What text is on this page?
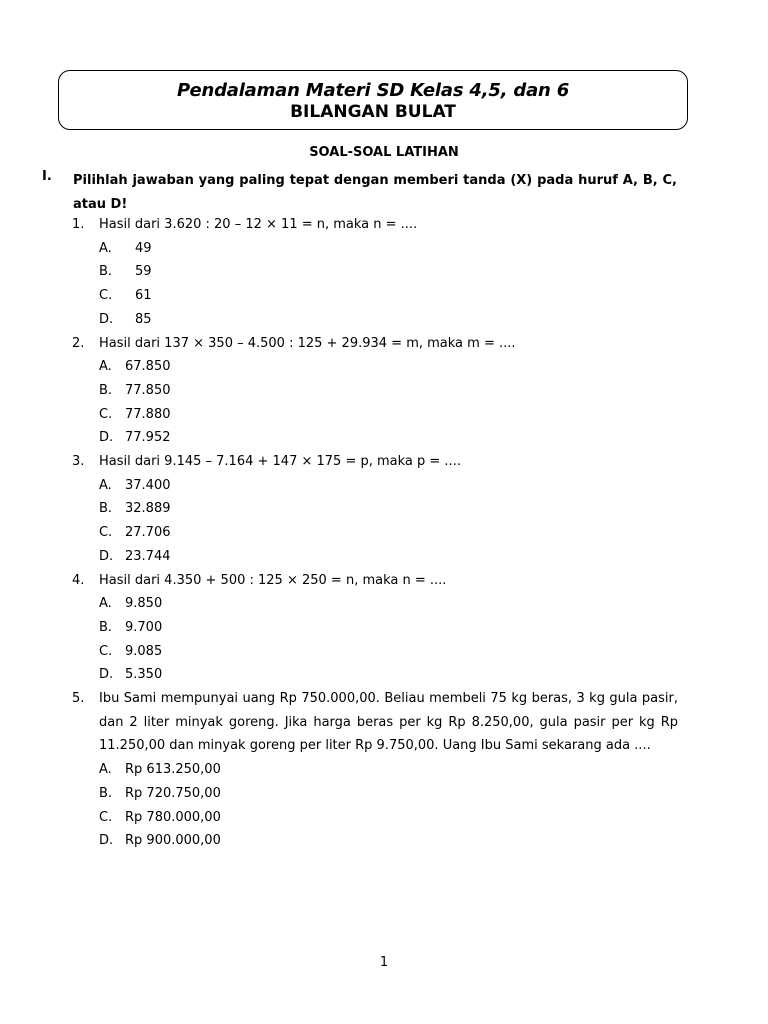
Pendalaman Materi SD Kelas 4,5, dan 6
BILANGAN BULAT
SOAL-SOAL LATIHAN
I. Pilihlah jawaban yang paling tepat dengan memberi tanda (X) pada huruf A, B, C, atau D!
1.	Hasil dari 3.620 : 20 – 12 × 11 = n, maka n = ....
A.	49
B.	59
C.	61
D.	85
2.	Hasil dari 137 × 350 – 4.500 : 125 + 29.934 = m, maka m = ....
A.	67.850
B. 77.850
C. 77.880
D. 77.952
3.	Hasil dari 9.145 – 7.164 + 147 × 175 = p, maka p = ....
A.	37.400
B. 32.889
C. 27.706
D. 23.744
4.	Hasil dari 4.350 + 500 : 125 × 250 = n, maka n = ....
A.	9.850
B. 9.700
C. 9.085
D. 5.350
5.	Ibu Sami mempunyai uang Rp 750.000,00. Beliau membeli 75 kg beras, 3 kg gula pasir, dan 2 liter minyak goreng. Jika harga beras per kg Rp 8.250,00, gula pasir per kg Rp 11.250,00 dan minyak goreng per liter Rp 9.750,00. Uang Ibu Sami sekarang ada ....
A.	Rp 613.250,00
B. Rp 720.750,00
C. Rp 780.000,00
D. Rp 900.000,00
1
